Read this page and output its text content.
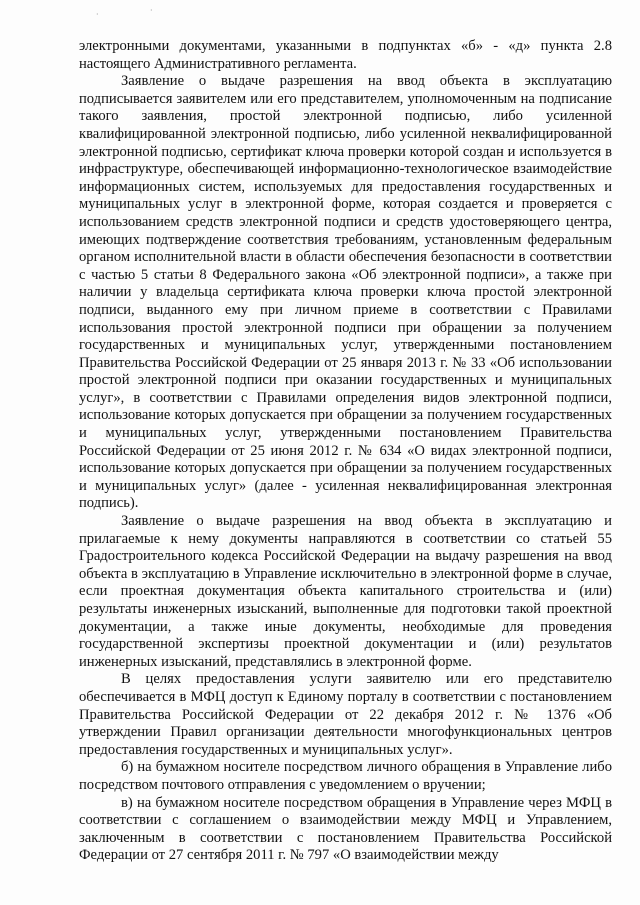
·	·

электронными документами, указанными в подпунктах «б» - «д» пункта 2.8 настоящего Административного регламента.

Заявление о выдаче разрешения на ввод объекта в эксплуатацию подписывается заявителем или его представителем, уполномоченным на подписание такого заявления, простой электронной подписью, либо усиленной квалифицированной электронной подписью, либо усиленной неквалифицированной электронной подписью, сертификат ключа проверки которой создан и используется в инфраструктуре, обеспечивающей информационно-технологическое взаимодействие информационных систем, используемых для предоставления государственных и муниципальных услуг в электронной форме, которая создается и проверяется с использованием средств электронной подписи и средств удостоверяющего центра, имеющих подтверждение соответствия требованиям, установленным федеральным органом исполнительной власти в области обеспечения безопасности в соответствии с частью 5 статьи 8 Федерального закона «Об электронной подписи», а также при наличии у владельца сертификата ключа проверки ключа простой электронной подписи, выданного ему при личном приеме в соответствии с Правилами использования простой электронной подписи при обращении за получением государственных и муниципальных услуг, утвержденными постановлением Правительства Российской Федерации от 25 января 2013 г. № 33 «Об использовании простой электронной подписи при оказании государственных и муниципальных услуг», в соответствии с Правилами определения видов электронной подписи, использование которых допускается при обращении за получением государственных и муниципальных услуг, утвержденными постановлением Правительства Российской Федерации от 25 июня 2012 г. № 634 «О видах электронной подписи, использование которых допускается при обращении за получением государственных и муниципальных услуг» (далее - усиленная неквалифицированная электронная подпись).

Заявление о выдаче разрешения на ввод объекта в эксплуатацию и прилагаемые к нему документы направляются в соответствии со статьей 55 Градостроительного кодекса Российской Федерации на выдачу разрешения на ввод объекта в эксплуатацию в Управление исключительно в электронной форме в случае, если проектная документация объекта капитального строительства и (или) результаты инженерных изысканий, выполненные для подготовки такой проектной документации, а также иные документы, необходимые для проведения государственной экспертизы проектной документации и (или) результатов инженерных изысканий, представлялись в электронной форме.

В целях предоставления услуги заявителю или его представителю обеспечивается в МФЦ доступ к Единому порталу в соответствии с постановлением Правительства Российской Федерации от 22 декабря 2012 г. № 1376 «Об утверждении Правил организации деятельности многофункциональных центров предоставления государственных и муниципальных услуг».

б) на бумажном носителе посредством личного обращения в Управление либо посредством почтового отправления с уведомлением о вручении;

в) на бумажном носителе посредством обращения в Управление через МФЦ в соответствии с соглашением о взаимодействии между МФЦ и Управлением, заключенным в соответствии с постановлением Правительства Российской Федерации от 27 сентября 2011 г. № 797 «О взаимодействии между
